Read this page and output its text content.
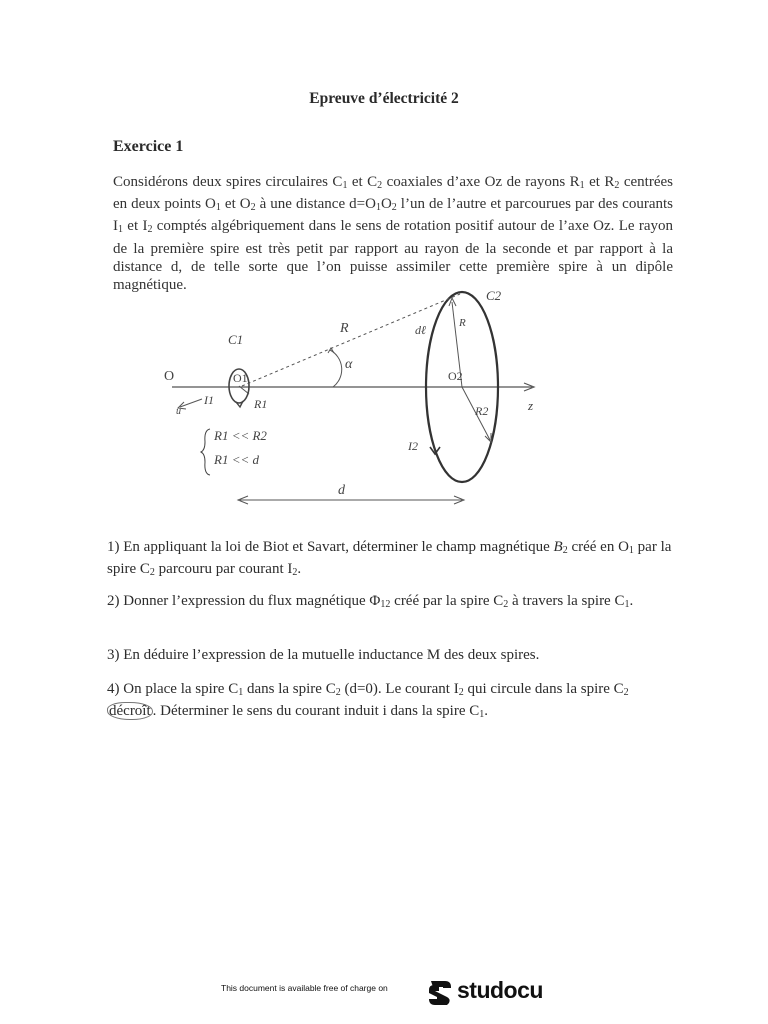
Epreuve d’électricité 2
Exercice 1
Considérons deux spires circulaires $C_1$ et $C_2$ coaxiales d’axe Oz de rayons $R_1$ et $R_2$ centrées en deux points $O_1$ et $O_2$ à une distance $d=O_1O_2$ l’un de l’autre et parcourues par des courants $I_1$ et $I_2$ comptés algébriquement dans le sens de rotation positif autour de l’axe Oz. Le rayon de la première spire est très petit par rapport au rayon de la seconde et par rapport à la distance d, de telle sorte que l’on puisse assimiler cette première spire à un dipôle magnétique.
O
C1
O1
I1
u
R1
R
α
O2
R2
I2
z
C2
dℓ	R
R1 << R2
R1 << d
d
1) En appliquant la loi de Biot et Savart, déterminer le champ magnétique $B_2$ créé en $O_1$ par la spire $C_2$ parcouru par courant $I_2$.
2) Donner l’expression du flux magnétique $\Phi_{12}$ créé par la spire $C_2$ à travers la spire $C_1$.
3) En déduire l’expression de la mutuelle inductance M des deux spires.
4) On place la spire $C_1$ dans la spire $C_2$ (d=0). Le courant $I_2$ qui circule dans la spire $C_2$ décroît . Déterminer le sens du courant induit i dans la spire $C_1$.
This document is available free of charge on	studocu
